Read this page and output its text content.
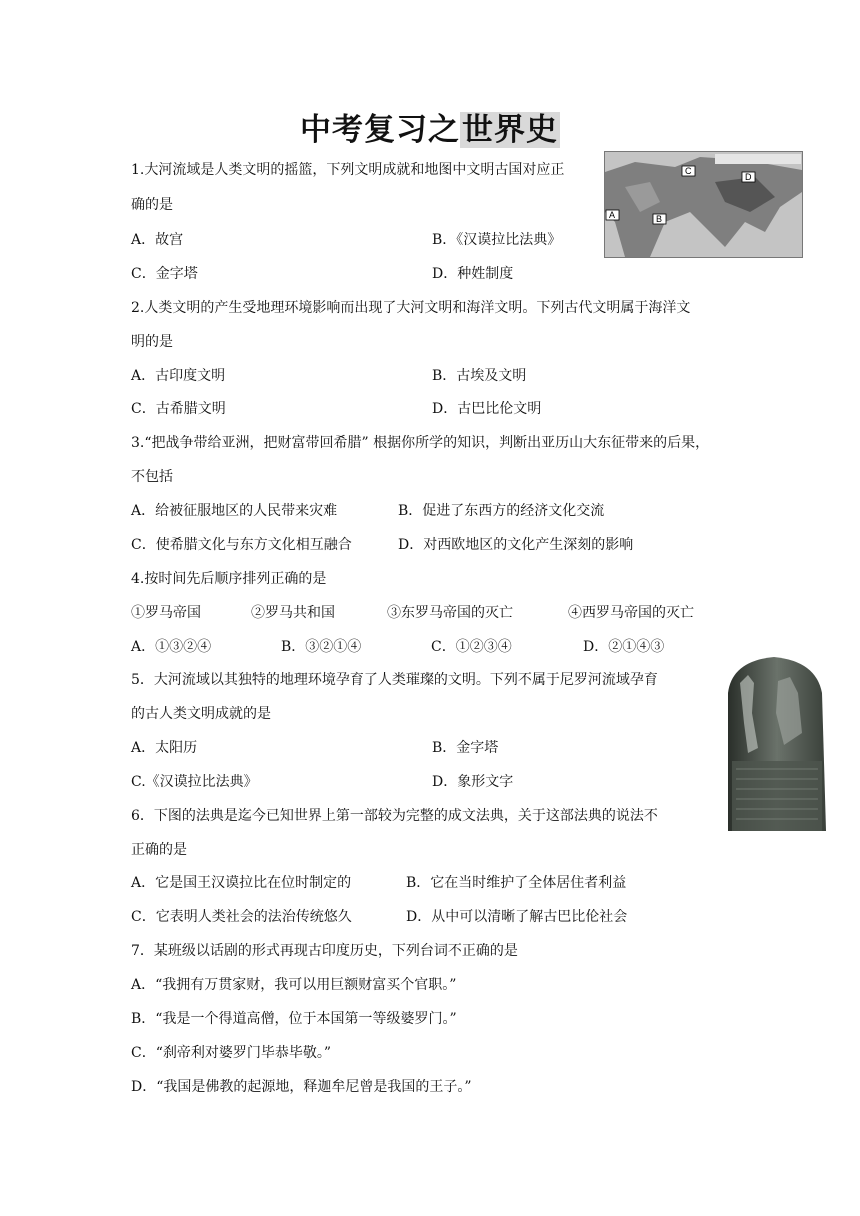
中考复习之世界史
1.大河流域是人类文明的摇篮，下列文明成就和地图中文明古国对应正
确的是
A．故宫	B．《汉谟拉比法典》
C．金字塔	D．种姓制度
A	B
C
D
2.人类文明的产生受地理环境影响而出现了大河文明和海洋文明。下列古代文明属于海洋文
明的是
A．古印度文明	B．古埃及文明
C．古希腊文明	D．古巴比伦文明
3.“把战争带给亚洲，把财富带回希腊” 根据你所学的知识，判断出亚历山大东征带来的后果，
不包括
A．给被征服地区的人民带来灾难	B．促进了东西方的经济文化交流
C．使希腊文化与东方文化相互融合	D．对西欧地区的文化产生深刻的影响
4.按时间先后顺序排列正确的是
①罗马帝国	②罗马共和国	③东罗马帝国的灭亡	④西罗马帝国的灭亡
A．①③②④	B．③②①④	C．①②③④	D．②①④③
5．大河流域以其独特的地理环境孕育了人类璀璨的文明。下列不属于尼罗河流域孕育
的古人类文明成就的是
A．太阳历	B．金字塔
C.《汉谟拉比法典》	D．象形文字
6．下图的法典是迄今已知世界上第一部较为完整的成文法典，关于这部法典的说法不
正确的是
A．它是国王汉谟拉比在位时制定的	B．它在当时维护了全体居住者利益
C．它表明人类社会的法治传统悠久	D．从中可以清晰了解古巴比伦社会
7．某班级以话剧的形式再现古印度历史，下列台词不正确的是
A．“我拥有万贯家财，我可以用巨额财富买个官职。”
B．“我是一个得道高僧，位于本国第一等级婆罗门。”
C．“刹帝利对婆罗门毕恭毕敬。”
D．“我国是佛教的起源地，释迦牟尼曾是我国的王子。”
